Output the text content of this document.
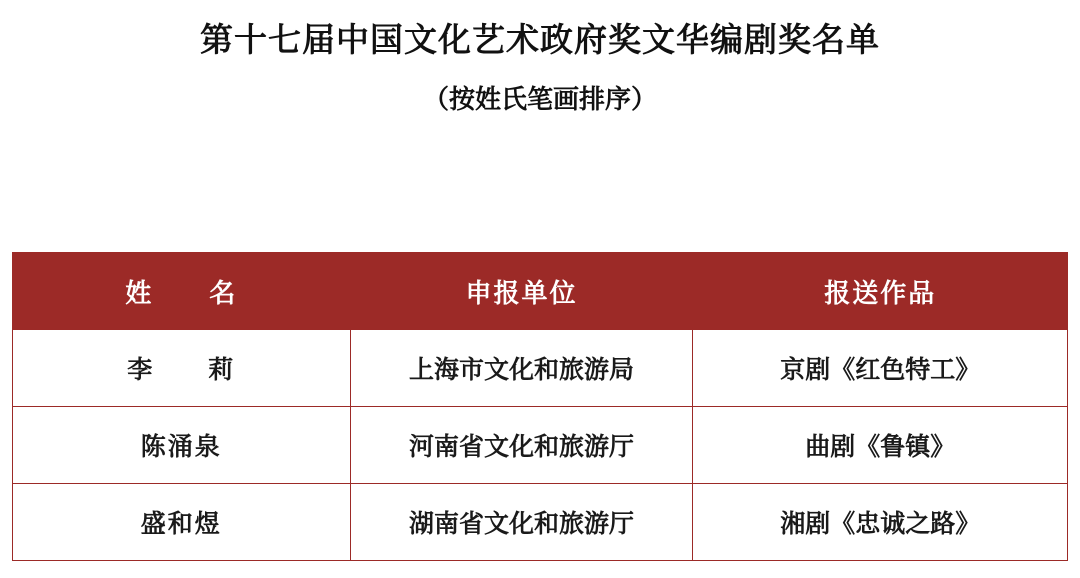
第十七届中国文化艺术政府奖文华编剧奖名单
（按姓氏笔画排序）
姓　　名	申报单位	报送作品
李　　莉	上海市文化和旅游局	京剧《红色特工》
陈涌泉	河南省文化和旅游厅	曲剧《鲁镇》
盛和煜	湖南省文化和旅游厅	湘剧《忠诚之路》
